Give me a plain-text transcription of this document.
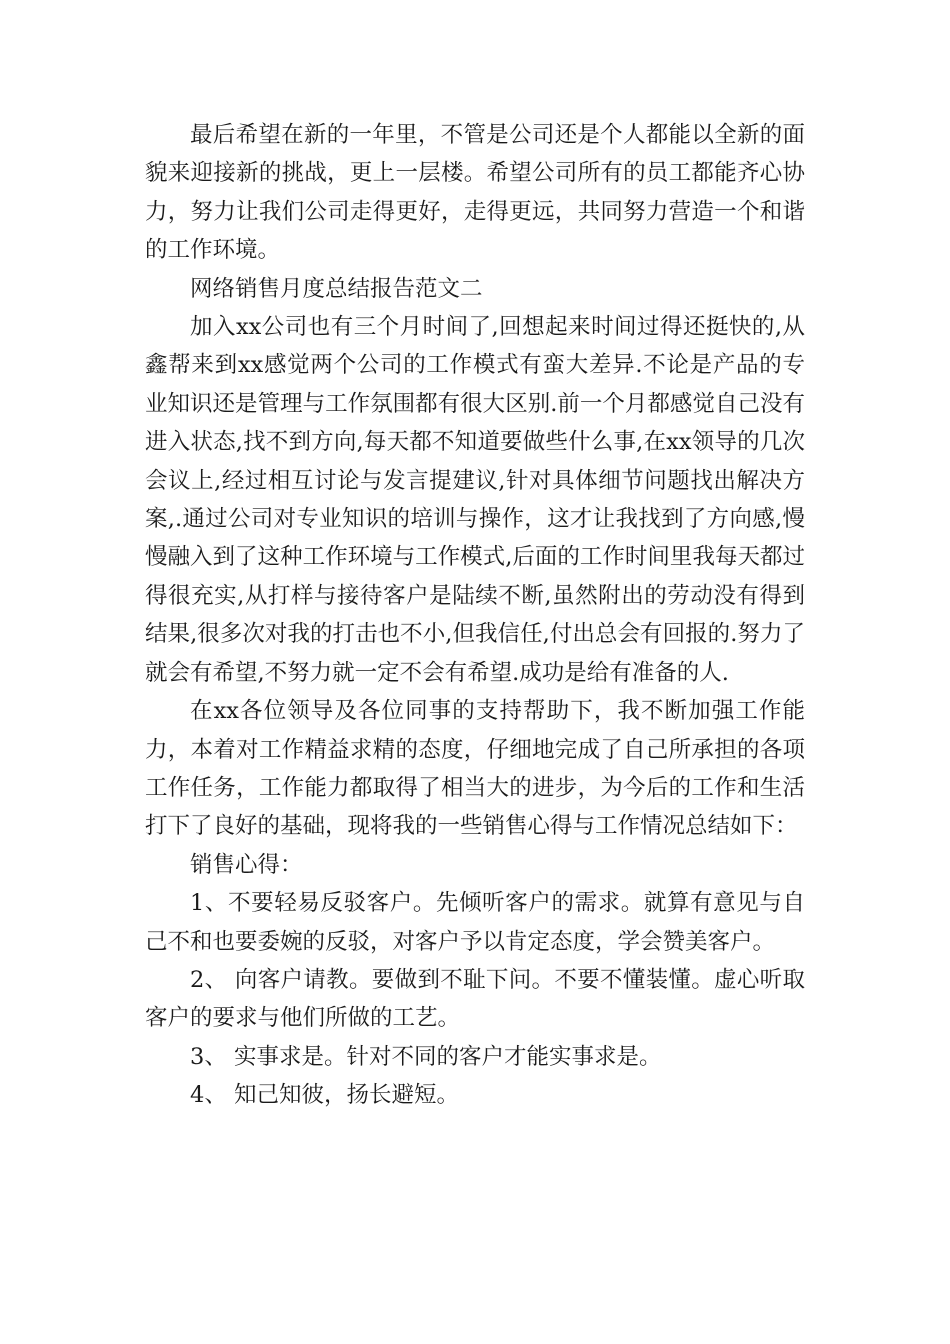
最后希望在新的一年里，不管是公司还是个人都能以全新的面貌来迎接新的挑战，更上一层楼。希望公司所有的员工都能齐心协力，努力让我们公司走得更好，走得更远，共同努力营造一个和谐的工作环境。

网络销售月度总结报告范文二

加入xx公司也有三个月时间了,回想起来时间过得还挺快的,从鑫帮来到xx感觉两个公司的工作模式有蛮大差异.不论是产品的专业知识还是管理与工作氛围都有很大区别.前一个月都感觉自己没有进入状态,找不到方向,每天都不知道要做些什么事,在xx领导的几次会议上,经过相互讨论与发言提建议,针对具体细节问题找出解决方案,.通过公司对专业知识的培训与操作，这才让我找到了方向感,慢慢融入到了这种工作环境与工作模式,后面的工作时间里我每天都过得很充实,从打样与接待客户是陆续不断,虽然附出的劳动没有得到结果,很多次对我的打击也不小,但我信任,付出总会有回报的.努力了就会有希望,不努力就一定不会有希望.成功是给有准备的人.

在xx各位领导及各位同事的支持帮助下，我不断加强工作能力，本着对工作精益求精的态度，仔细地完成了自己所承担的各项工作任务，工作能力都取得了相当大的进步，为今后的工作和生活打下了良好的基础，现将我的一些销售心得与工作情况总结如下：

销售心得：

1、不要轻易反驳客户。先倾听客户的需求。就算有意见与自己不和也要委婉的反驳，对客户予以肯定态度，学会赞美客户。

2、 向客户请教。要做到不耻下问。不要不懂装懂。虚心听取客户的要求与他们所做的工艺。

3、 实事求是。针对不同的客户才能实事求是。

4、 知己知彼，扬长避短。
